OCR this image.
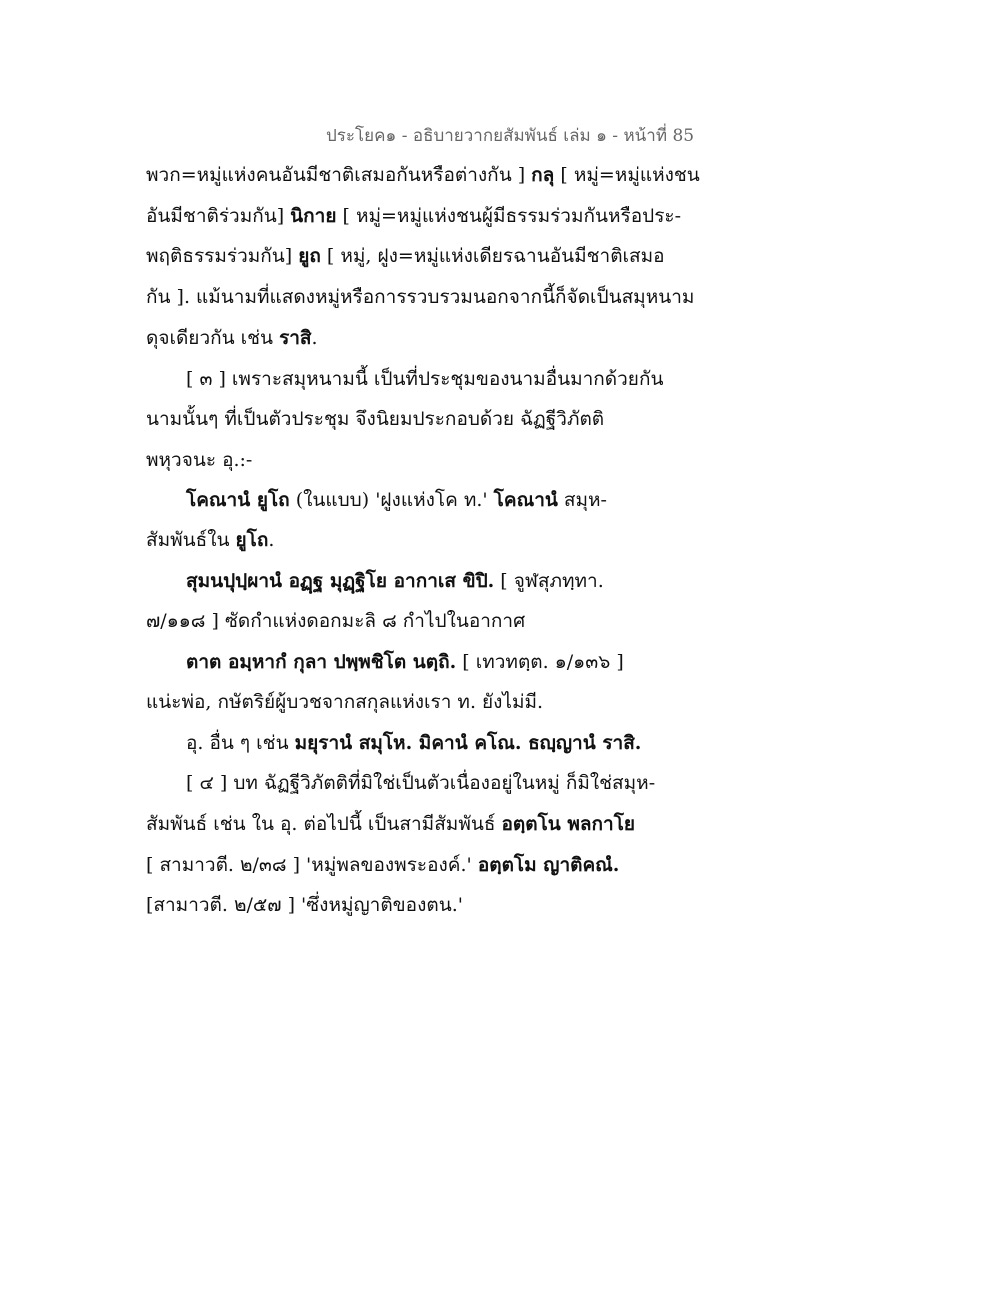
ประโยค๑ - อธิบายวากยสัมพันธ์ เล่ม ๑ - หน้าที่ 85
พวก=หมู่แห่งคนอันมีชาติเสมอกันหรือต่างกัน ] กลุ [ หมู่=หมู่แห่งชน
อันมีชาติร่วมกัน] นิกาย [ หมู่=หมู่แห่งชนผู้มีธรรมร่วมกันหรือประ-
พฤติธรรมร่วมกัน] ยูถ [ หมู่, ฝูง=หมู่แห่งเดียรฉานอันมีชาติเสมอ
กัน ]. แม้นามที่แสดงหมู่หรือการรวบรวมนอกจากนี้ก็จัดเป็นสมุหนาม
ดุจเดียวกัน เช่น ราสิ.
[ ๓ ] เพราะสมุหนามนี้ เป็นที่ประชุมของนามอื่นมากด้วยกัน
นามนั้นๆ ที่เป็นตัวประชุม จึงนิยมประกอบด้วย ฉัฏฐีวิภัตติ
พหุวจนะ อุ.:-
โคณานํ ยูโถ (ในแบบ) 'ฝูงแห่งโค ท.' โคณานํ สมุห-
สัมพันธ์ใน ยูโถ.
สุมนปุปฺผานํ อฏฺฐ มุฏฺฐิโย อากาเส ขิปิ. [ จูฬสุภทฺทา.
๗/๑๑๘ ] ซัดกำแห่งดอกมะลิ ๘ กำไปในอากาศ
ตาต อมฺหากํ กุลา ปพฺพชิโต นตฺถิ. [ เทวทตฺต. ๑/๑๓๖ ]
แน่ะพ่อ, กษัตริย์ผู้บวชจากสกุลแห่งเรา ท. ยังไม่มี.
อุ. อื่น ๆ เช่น มยุรานํ สมุโห. มิคานํ คโณ. ธญฺญานํ ราสิ.
[ ๔ ] บท ฉัฏฐีวิภัตติที่มิใช่เป็นตัวเนื่องอยู่ในหมู่ ก็มิใช่สมุห-
สัมพันธ์ เช่น ใน อุ. ต่อไปนี้ เป็นสามีสัมพันธ์ อตฺตโน พลกาโย
[ สามาวตี. ๒/๓๘ ] 'หมู่พลของพระองค์.' อตฺตโม ญาติคณํ.
[สามาวตี. ๒/๕๗ ] 'ซึ่งหมู่ญาติของตน.'
